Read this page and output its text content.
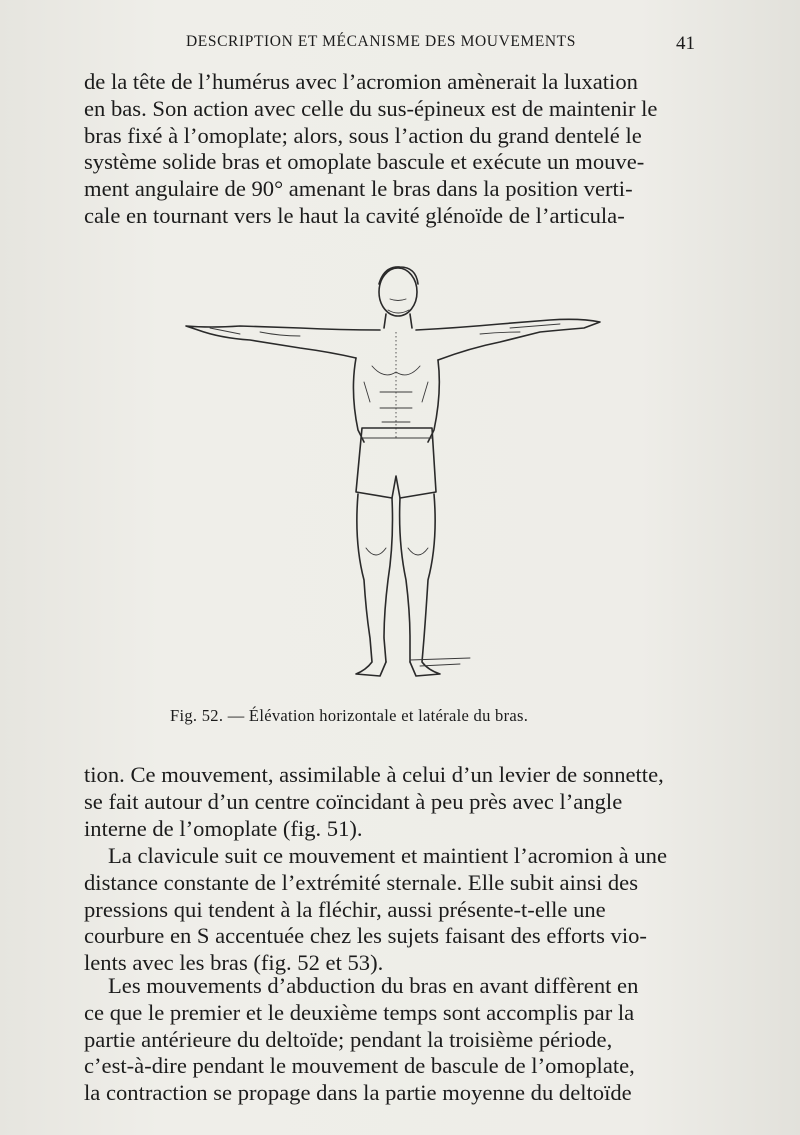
DESCRIPTION ET MÉCANISME DES MOUVEMENTS	41
de la tête de l’humérus avec l’acromion amènerait la luxation
en bas. Son action avec celle du sus-épineux est de maintenir le
bras fixé à l’omoplate; alors, sous l’action du grand dentelé le
système solide bras et omoplate bascule et exécute un mouve-
ment angulaire de 90° amenant le bras dans la position verti-
cale en tournant vers le haut la cavité glénoïde de l’articula-
Fig. 52. — Élévation horizontale et latérale du bras.
tion. Ce mouvement, assimilable à celui d’un levier de sonnette,
se fait autour d’un centre coïncidant à peu près avec l’angle
interne de l’omoplate (fig. 51).
La clavicule suit ce mouvement et maintient l’acromion à une
distance constante de l’extrémité sternale. Elle subit ainsi des
pressions qui tendent à la fléchir, aussi présente-t-elle une
courbure en S accentuée chez les sujets faisant des efforts vio-
lents avec les bras (fig. 52 et 53).
Les mouvements d’abduction du bras en avant diffèrent en
ce que le premier et le deuxième temps sont accomplis par la
partie antérieure du deltoïde; pendant la troisième période,
c’est-à-dire pendant le mouvement de bascule de l’omoplate,
la contraction se propage dans la partie moyenne du deltoïde
